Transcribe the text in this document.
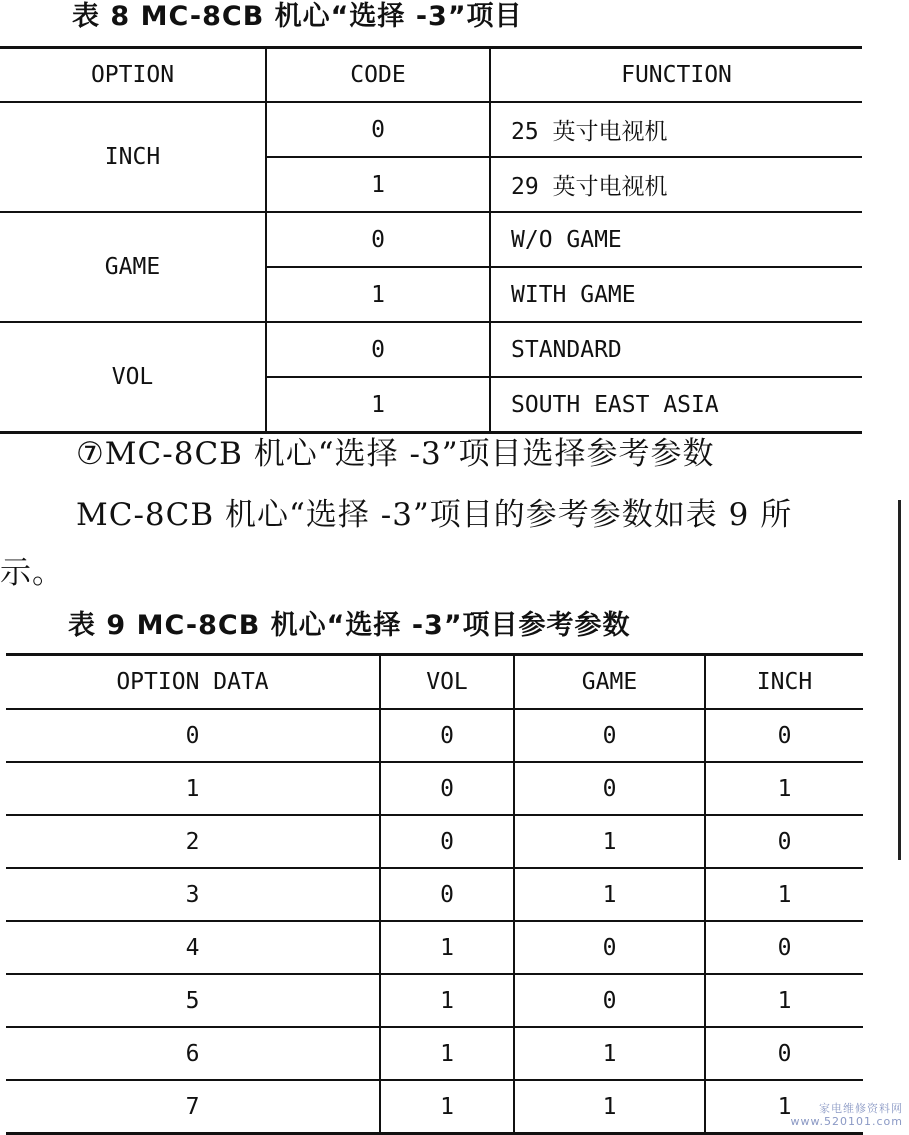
表 8 MC-8CB 机心“选择 -3”项目
OPTION	CODE	FUNCTION
INCH	0	25 英寸电视机
	1	29 英寸电视机
GAME	0	W/O GAME
	1	WITH GAME
VOL	0	STANDARD
	1	SOUTH EAST ASIA
⑦MC-8CB 机心“选择 -3”项目选择参考参数
MC-8CB 机心“选择 -3”项目的参考参数如表 9 所
示。
表 9 MC-8CB 机心“选择 -3”项目参考参数
OPTION DATA	VOL	GAME	INCH
0	0	0	0
1	0	0	1
2	0	1	0
3	0	1	1
4	1	0	0
5	1	0	1
6	1	1	0
7	1	1	1	家电维修资料网
www.520101.com
